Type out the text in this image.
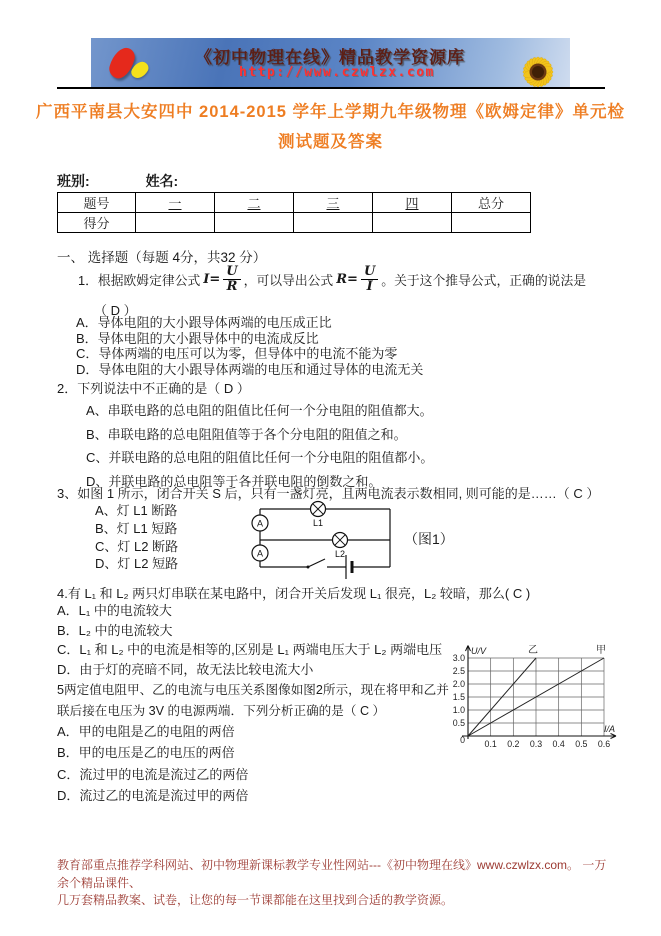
《初中物理在线》精品教学资源库
http://www.czwlzx.com
广西平南县大安四中 2014-2015 学年上学期九年级物理《欧姆定律》单元检
测试题及答案
班别:	姓名:
题号	一	二	三	四	总分
得分					
一、 选择题（每题 4分，共32 分）
1．根据欧姆定律公式 $I = \frac{U}{R}$ ，可以导出公式 $R = \frac{U}{I}$ 。关于这个推导公式，正确的说法是
（ D ）
A．导体电阻的大小跟导体两端的电压成正比
B．导体电阻的大小跟导体中的电流成反比
C．导体两端的电压可以为零，但导体中的电流不能为零
D．导体电阻的大小跟导体两端的电压和通过导体的电流无关
2．下列说法中不正确的是（ D ）
A、串联电路的总电阻的阻值比任何一个分电阻的阻值都大。
B、串联电路的总电阻阻值等于各个分电阻的阻值之和。
C、并联电路的总电阻的阻值比任何一个分电阻的阻值都小。
D、并联电路的总电阻等于各并联电阻的倒数之和。
3、如图 1 所示，闭合开关 S 后，只有一盏灯亮，且两电流表示数相同, 则可能的是……（ C ）
A、灯 L1 断路
B、灯 L1 短路
C、灯 L2 断路
D、灯 L2 短路
A
A
L1
L2
（图1）
4.有 L₁ 和 L₂ 两只灯串联在某电路中，闭合开关后发现 L₁ 很亮，L₂ 较暗，那么( C )
A．L₁ 中的电流较大
B．L₂ 中的电流较大
C．L₁ 和 L₂ 中的电流是相等的,区别是 L₁ 两端电压大于 L₂ 两端电压
D．由于灯的亮暗不同，故无法比较电流大小
0.1 0.2 0.3 0.4 0.5 0.6
0.5
1.0
1.5
2.0
2.5
3.0
0
U/V
I/A
乙	甲
5两定值电阻甲、乙的电流与电压关系图像如图2所示，现在将甲和乙并
联后接在电压为 3V 的电源两端．下列分析正确的是（ C ）
A．甲的电阻是乙的电阻的两倍
B．甲的电压是乙的电压的两倍
C．流过甲的电流是流过乙的两倍
D．流过乙的电流是流过甲的两倍
教育部重点推荐学科网站、初中物理新课标教学专业性网站---《初中物理在线》www.czwlzx.com。 一万余个精品课件、
几万套精品教案、试卷，让您的每一节课都能在这里找到合适的教学资源。
